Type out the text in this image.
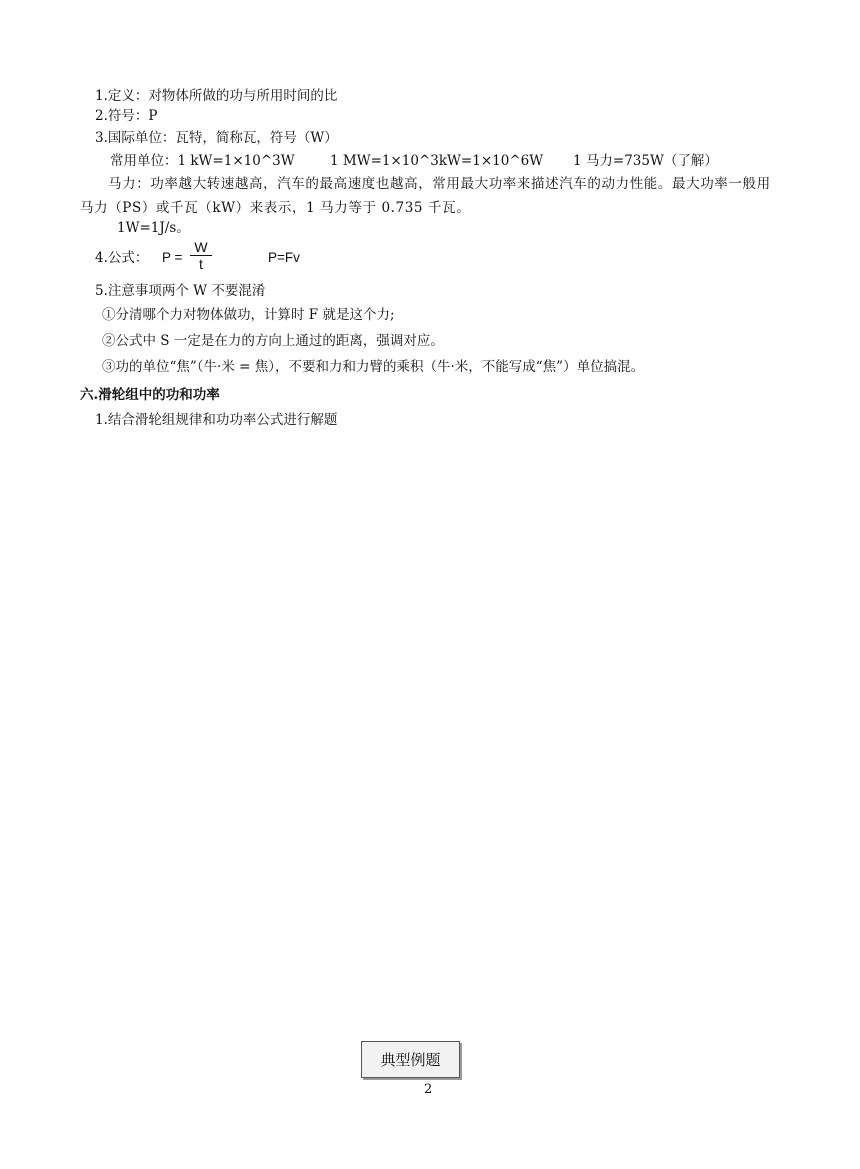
1.定义：对物体所做的功与所用时间的比
2.符号：P
3.国际单位：瓦特，简称瓦，符号（W）
常用单位：1 kW=1×10^3W	1 MW=1×10^3kW=1×10^6W 1 马力=735W（了解）
马力：功率越大转速越高，汽车的最高速度也越高，常用最大功率来描述汽车的动力性能。最大功率一般用马力（PS）或千瓦（kW）来表示，1 马力等于 0.735 千瓦。
1W=1J/s。
4.公式： P =
W
t	P=Fv
5.注意事项两个 W 不要混淆
①分清哪个力对物体做功，计算时 F 就是这个力;
②公式中 S 一定是在力的方向上通过的距离，强调对应。
③功的单位“焦”（牛·米 = 焦），不要和力和力臂的乘积（牛·米，不能写成“焦”）单位搞混。
六.滑轮组中的功和功率
1.结合滑轮组规律和功功率公式进行解题
典型例题
2
